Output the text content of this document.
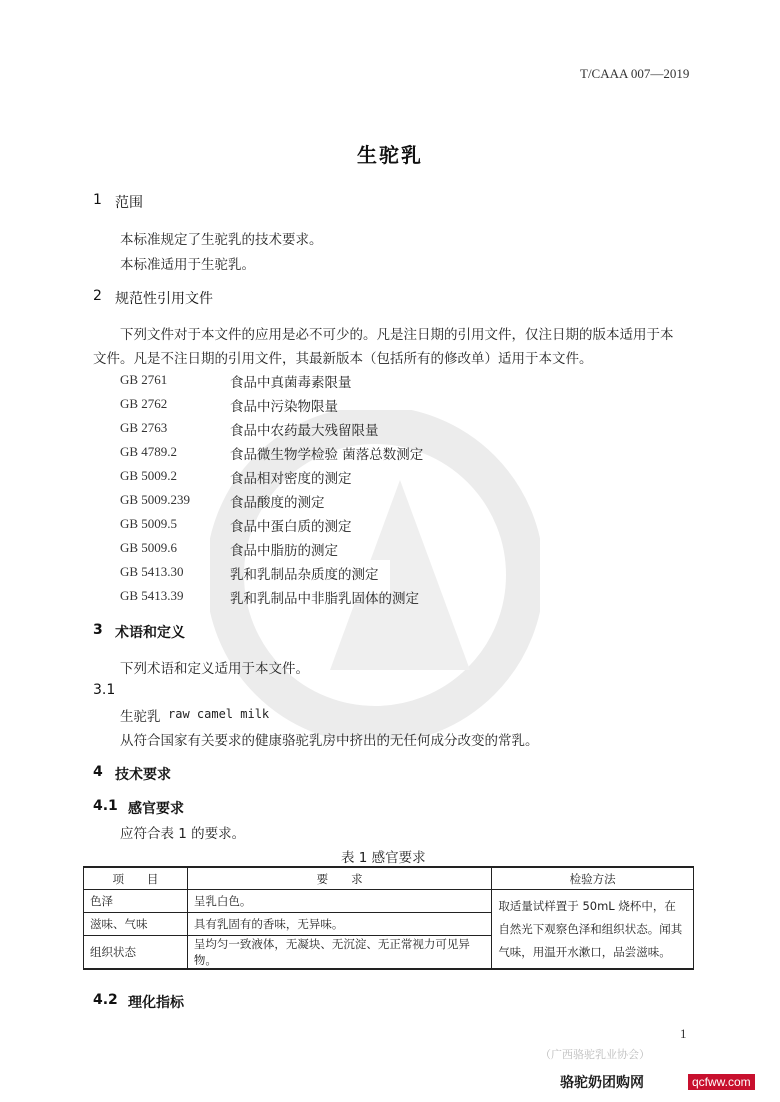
T/CAAA 007—2019
生驼乳
1 范围
本标准规定了生驼乳的技术要求。
本标准适用于生驼乳。
2 规范性引用文件
下列文件对于本文件的应用是必不可少的。凡是注日期的引用文件，仅注日期的版本适用于本
文件。凡是不注日期的引用文件，其最新版本（包括所有的修改单）适用于本文件。
GB 2761	食品中真菌毒素限量
GB 2762	食品中污染物限量
GB 2763	食品中农药最大残留限量
GB 4789.2	食品微生物学检验 菌落总数测定
GB 5009.2	食品相对密度的测定
GB 5009.239	食品酸度的测定
GB 5009.5	食品中蛋白质的测定
GB 5009.6	食品中脂肪的测定
GB 5413.30	乳和乳制品杂质度的测定
GB 5413.39	乳和乳制品中非脂乳固体的测定
3 术语和定义
下列术语和定义适用于本文件。
3.1
生驼乳 raw camel milk
从符合国家有关要求的健康骆驼乳房中挤出的无任何成分改变的常乳。
4 技术要求
4.1 感官要求
应符合表 1 的要求。
表 1 感官要求
项　　目	要　　求	检验方法
色泽	呈乳白色。	取适量试样置于 50mL 烧杯中，在自然光下观察色泽和组织状态。闻其气味，用温开水漱口，品尝滋味。
滋味、气味	具有乳固有的香味，无异味。	
组织状态	呈均匀一致液体，无凝块、无沉淀、无正常视力可见异物。	
4.2 理化指标
1
（广西骆驼乳业协会）
骆驼奶团购网	qcfww.com
